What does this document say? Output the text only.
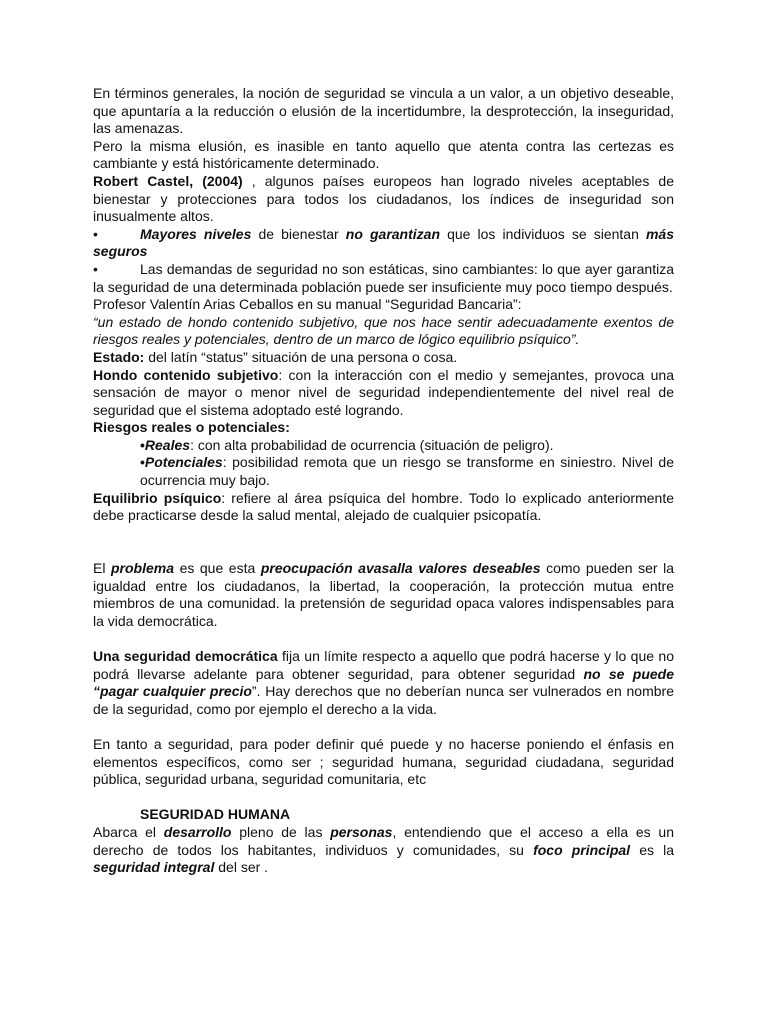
En términos generales, la noción de seguridad se vincula a un valor, a un objetivo deseable, que apuntaría a la reducción o elusión de la incertidumbre, la desprotección, la inseguridad, las amenazas.

Pero la misma elusión, es inasible en tanto aquello que atenta contra las certezas es cambiante y está históricamente determinado.

Robert Castel, (2004) , algunos países europeos han logrado niveles aceptables de bienestar y protecciones para todos los ciudadanos, los índices de inseguridad son inusualmente altos.

•	Mayores niveles de bienestar no garantizan que los individuos se sientan más seguros

•	Las demandas de seguridad no son estáticas, sino cambiantes: lo que ayer garantiza la seguridad de una determinada población puede ser insuficiente muy poco tiempo después.

Profesor Valentín Arias Ceballos en su manual “Seguridad Bancaria”:

“un estado de hondo contenido subjetivo, que nos hace sentir adecuadamente exentos de riesgos reales y potenciales, dentro de un marco de lógico equilibrio psíquico”.

Estado: del latín “status” situación de una persona o cosa.

Hondo contenido subjetivo: con la interacción con el medio y semejantes, provoca una sensación de mayor o menor nivel de seguridad independientemente del nivel real de seguridad que el sistema adoptado esté logrando.

Riesgos reales o potenciales:

•Reales: con alta probabilidad de ocurrencia (situación de peligro).

•Potenciales: posibilidad remota que un riesgo se transforme en siniestro. Nivel de ocurrencia muy bajo.

Equilibrio psíquico: refiere al área psíquica del hombre. Todo lo explicado anteriormente debe practicarse desde la salud mental, alejado de cualquier psicopatía.

El problema es que esta preocupación avasalla valores deseables como pueden ser la igualdad entre los ciudadanos, la libertad, la cooperación, la protección mutua entre miembros de una comunidad. la pretensión de seguridad opaca valores indispensables para la vida democrática.

Una seguridad democrática fija un límite respecto a aquello que podrá hacerse y lo que no podrá llevarse adelante para obtener seguridad, para obtener seguridad no se puede “pagar cualquier precio”. Hay derechos que no deberían nunca ser vulnerados en nombre de la seguridad, como por ejemplo el derecho a la vida.

En tanto a seguridad, para poder definir qué puede y no hacerse poniendo el énfasis en elementos específicos, como ser ; seguridad humana, seguridad ciudadana, seguridad pública, seguridad urbana, seguridad comunitaria, etc

SEGURIDAD HUMANA

Abarca el desarrollo pleno de las personas, entendiendo que el acceso a ella es un derecho de todos los habitantes, individuos y comunidades, su foco principal es la seguridad integral del ser .
